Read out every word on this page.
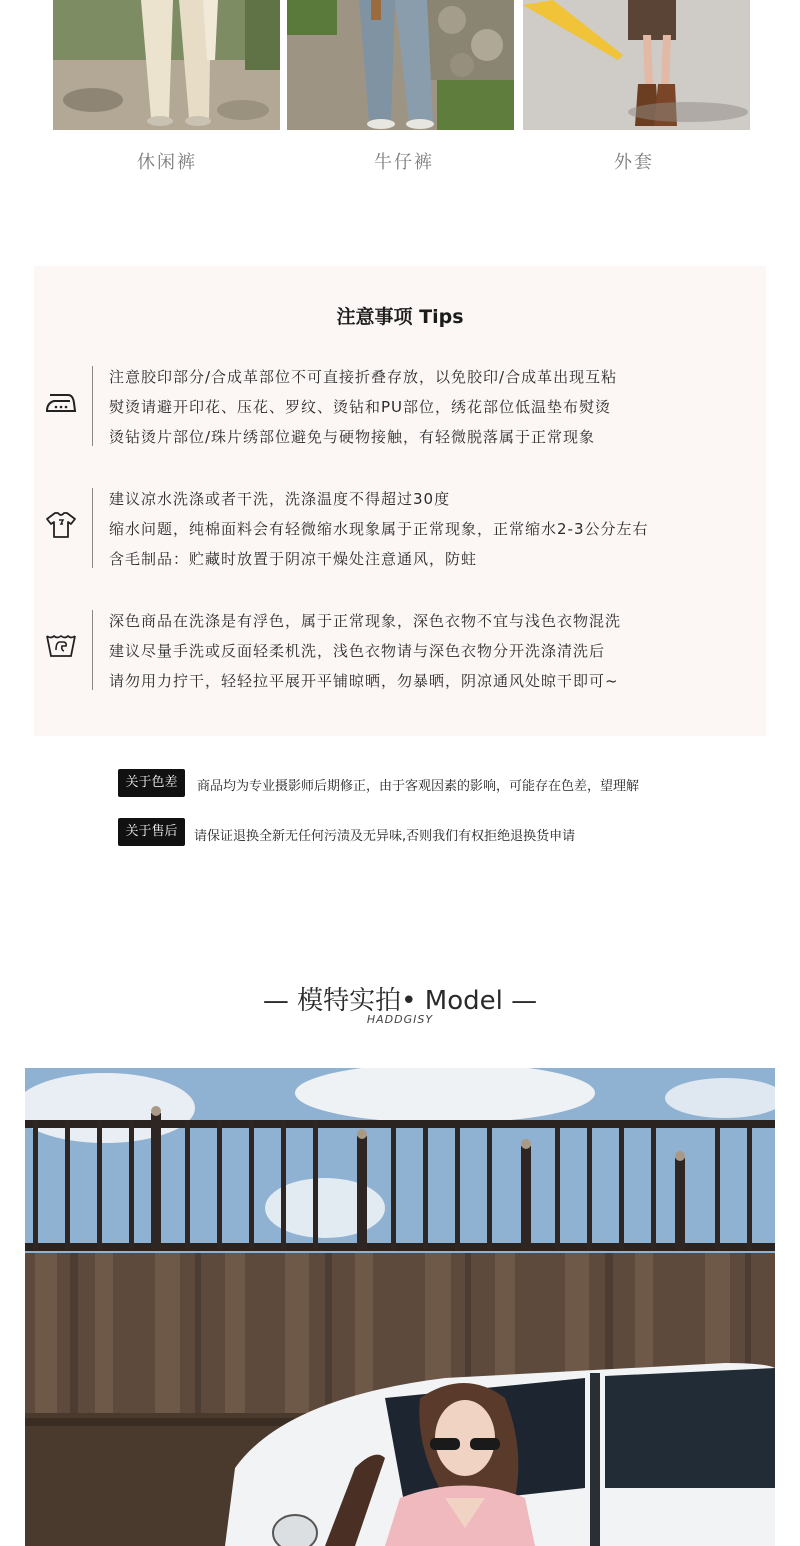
休闲裤	牛仔裤	外套
注意事项 Tips
注意胶印部分/合成革部位不可直接折叠存放，以免胶印/合成革出现互粘
熨烫请避开印花、压花、罗纹、烫钻和PU部位，绣花部位低温垫布熨烫
烫钻烫片部位/珠片绣部位避免与硬物接触，有轻微脱落属于正常现象
建议凉水洗涤或者干洗，洗涤温度不得超过30度
缩水问题，纯棉面料会有轻微缩水现象属于正常现象，正常缩水2-3公分左右
含毛制品：贮藏时放置于阴凉干燥处注意通风，防蛀
深色商品在洗涤是有浮色，属于正常现象，深色衣物不宜与浅色衣物混洗
建议尽量手洗或反面轻柔机洗，浅色衣物请与深色衣物分开洗涤清洗后
请勿用力拧干，轻轻拉平展开平铺晾晒，勿暴晒，阴凉通风处晾干即可~
关于色差	商品均为专业摄影师后期修正，由于客观因素的影响，可能存在色差，望理解
关于售后	请保证退换全新无任何污渍及无异味,否则我们有权拒绝退换货申请
— 模特实拍• Model —
HADDGISY
